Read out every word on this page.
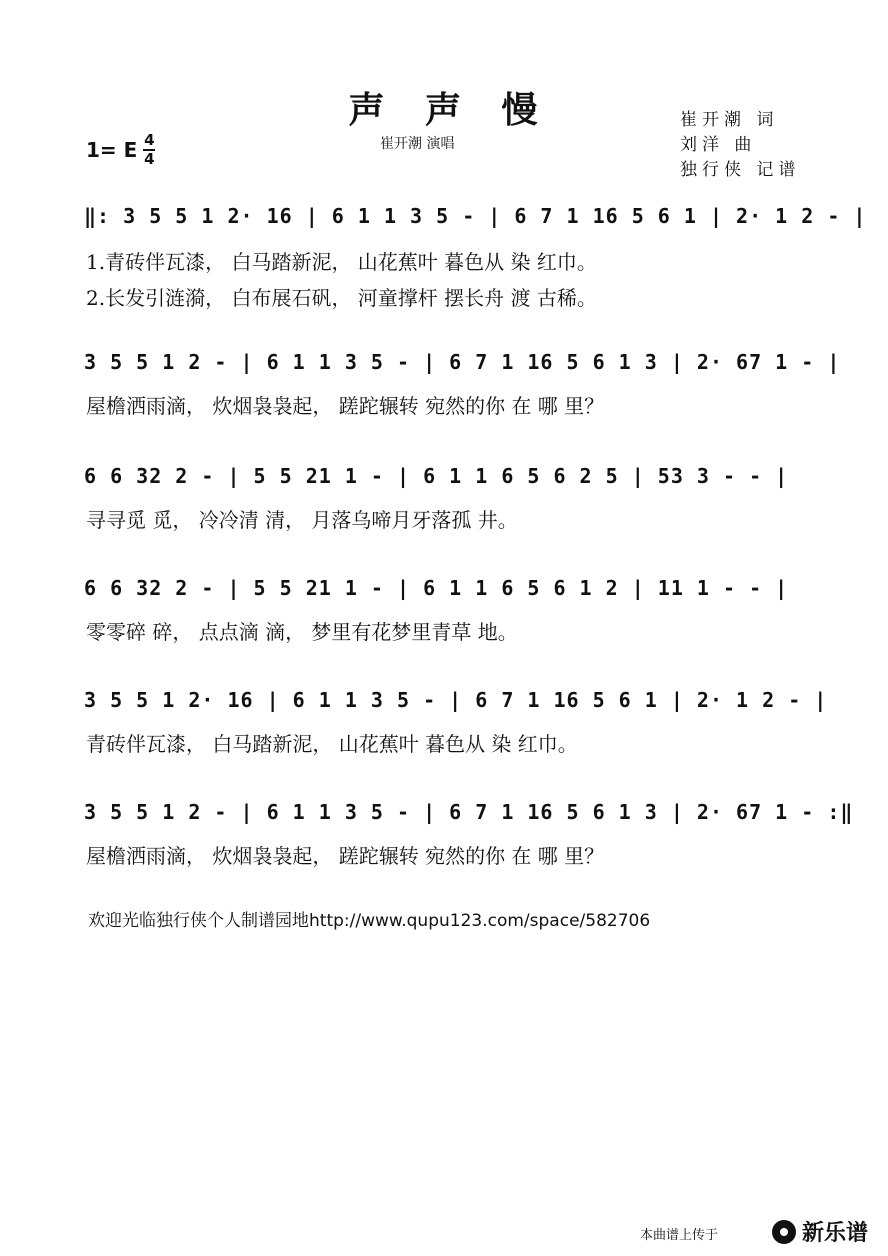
声 声 慢
崔开潮 演唱
1= E 4
4
崔开潮 词
刘洋 曲
独行侠 记谱
‖: 3 5 5 1 2· 16 | 6 1 1 3 5 - | 6 7 1 16 5 6 1 | 2· 1 2 - |
1.青砖伴瓦漆， 白马踏新泥， 山花蕉叶 暮色从 染 红巾。
2.长发引涟漪， 白布展石矾， 河童撑杆 摆长舟 渡 古稀。
3 5 5 1 2 - | 6 1 1 3 5 - | 6 7 1 16 5 6 1 3 | 2· 67 1 - |
屋檐洒雨滴， 炊烟袅袅起， 蹉跎辗转 宛然的你 在 哪 里？
6 6 32 2 - | 5 5 21 1 - | 6 1 1 6 5 6 2 5 | 53 3 - - |
寻寻觅 觅， 冷冷清 清， 月落乌啼月牙落孤 井。
6 6 32 2 - | 5 5 21 1 - | 6 1 1 6 5 6 1 2 | 11 1 - - |
零零碎 碎， 点点滴 滴， 梦里有花梦里青草 地。
3 5 5 1 2· 16 | 6 1 1 3 5 - | 6 7 1 16 5 6 1 | 2· 1 2 - |
青砖伴瓦漆， 白马踏新泥， 山花蕉叶 暮色从 染 红巾。
3 5 5 1 2 - | 6 1 1 3 5 - | 6 7 1 16 5 6 1 3 | 2· 67 1 - :‖
屋檐洒雨滴， 炊烟袅袅起， 蹉跎辗转 宛然的你 在 哪 里？
欢迎光临独行侠个人制谱园地http://www.qupu123.com/space/582706
本曲谱上传于	新乐谱
